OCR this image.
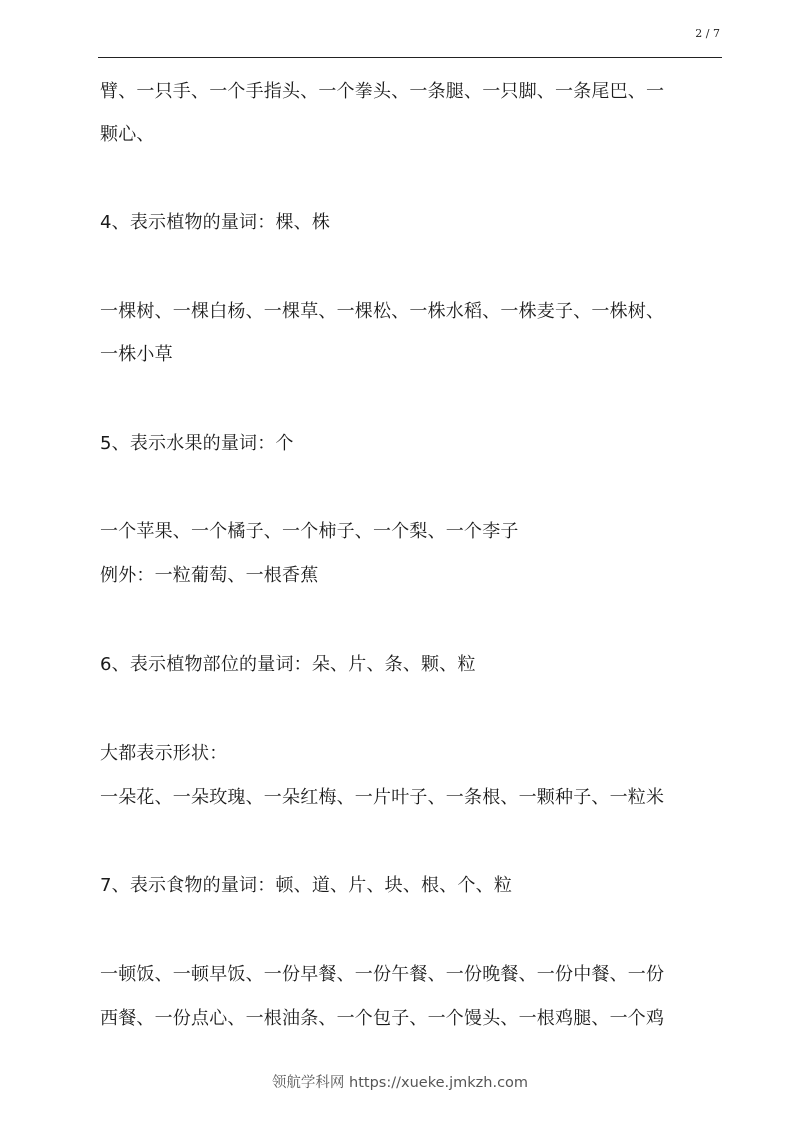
2 / 7
臂、一只手、一个手指头、一个拳头、一条腿、一只脚、一条尾巴、一
颗心、
4、表示植物的量词：棵、株
一棵树、一棵白杨、一棵草、一棵松、一株水稻、一株麦子、一株树、
一株小草
5、表示水果的量词：个
一个苹果、一个橘子、一个柿子、一个梨、一个李子
例外：一粒葡萄、一根香蕉
6、表示植物部位的量词：朵、片、条、颗、粒
大都表示形状：
一朵花、一朵玫瑰、一朵红梅、一片叶子、一条根、一颗种子、一粒米
7、表示食物的量词：顿、道、片、块、根、个、粒
一顿饭、一顿早饭、一份早餐、一份午餐、一份晚餐、一份中餐、一份
西餐、一份点心、一根油条、一个包子、一个馒头、一根鸡腿、一个鸡
领航学科网 https://xueke.jmkzh.com
